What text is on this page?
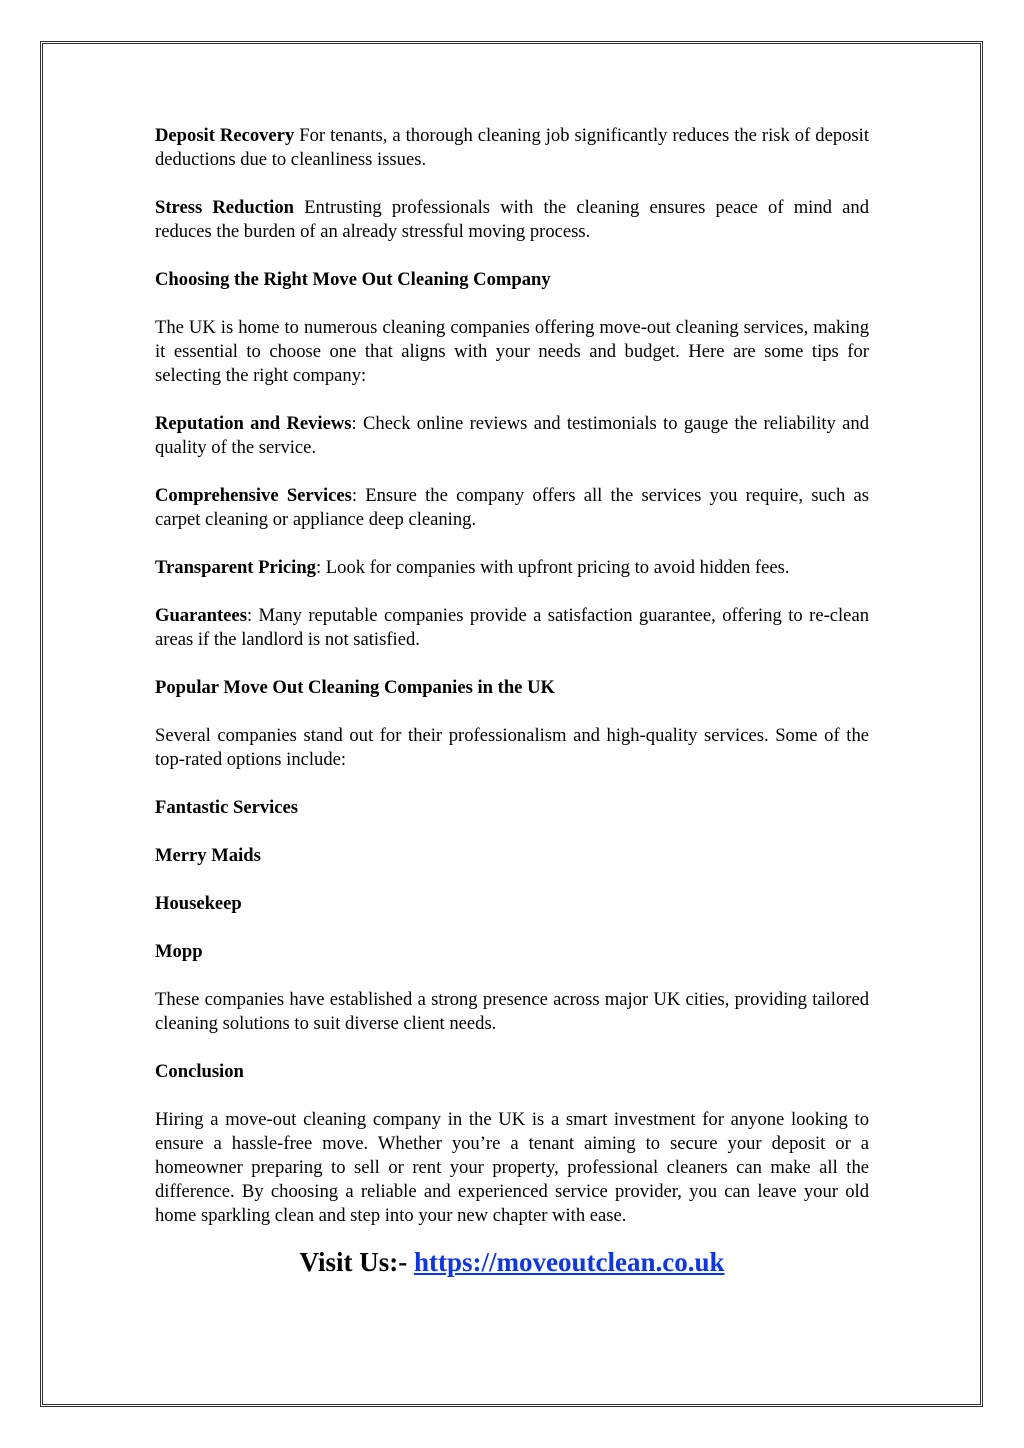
Deposit Recovery For tenants, a thorough cleaning job significantly reduces the risk of deposit deductions due to cleanliness issues.

Stress Reduction Entrusting professionals with the cleaning ensures peace of mind and reduces the burden of an already stressful moving process.

Choosing the Right Move Out Cleaning Company

The UK is home to numerous cleaning companies offering move-out cleaning services, making it essential to choose one that aligns with your needs and budget. Here are some tips for selecting the right company:

Reputation and Reviews: Check online reviews and testimonials to gauge the reliability and quality of the service.

Comprehensive Services: Ensure the company offers all the services you require, such as carpet cleaning or appliance deep cleaning.

Transparent Pricing: Look for companies with upfront pricing to avoid hidden fees.

Guarantees: Many reputable companies provide a satisfaction guarantee, offering to re-clean areas if the landlord is not satisfied.

Popular Move Out Cleaning Companies in the UK

Several companies stand out for their professionalism and high-quality services. Some of the top-rated options include:

Fantastic Services

Merry Maids

Housekeep

Mopp

These companies have established a strong presence across major UK cities, providing tailored cleaning solutions to suit diverse client needs.

Conclusion

Hiring a move-out cleaning company in the UK is a smart investment for anyone looking to ensure a hassle-free move. Whether you’re a tenant aiming to secure your deposit or a homeowner preparing to sell or rent your property, professional cleaners can make all the difference. By choosing a reliable and experienced service provider, you can leave your old home sparkling clean and step into your new chapter with ease.

Visit Us:- https://moveoutclean.co.uk
